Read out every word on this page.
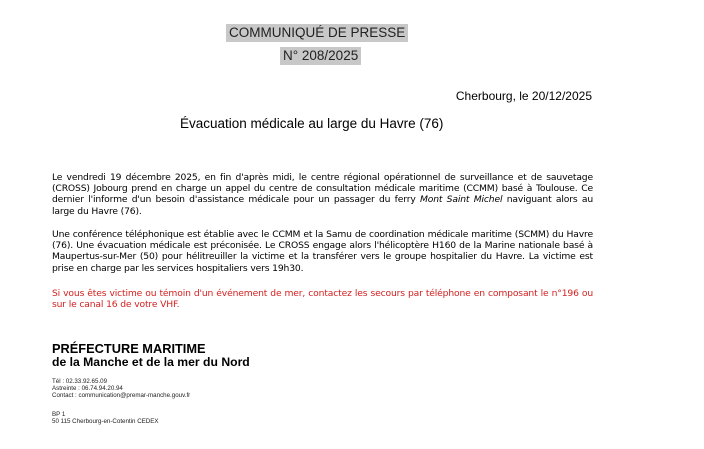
COMMUNIQUÉ DE PRESSE
N° 208/2025
Cherbourg, le 20/12/2025
Évacuation médicale au large du Havre (76)

Le vendredi 19 décembre 2025, en fin d'après midi, le centre régional opérationnel de surveillance et de sauvetage (CROSS) Jobourg prend en charge un appel du centre de consultation médicale maritime (CCMM) basé à Toulouse. Ce dernier l'informe d'un besoin d'assistance médicale pour un passager du ferry Mont Saint Michel naviguant alors au large du Havre (76).

Une conférence téléphonique est établie avec le CCMM et la Samu de coordination médicale maritime (SCMM) du Havre (76). Une évacuation médicale est préconisée. Le CROSS engage alors l'hélicoptère H160 de la Marine nationale basé à Maupertus-sur-Mer (50) pour hélitreuiller la victime et la transférer vers le groupe hospitalier du Havre. La victime est prise en charge par les services hospitaliers vers 19h30.

Si vous êtes victime ou témoin d'un événement de mer, contactez les secours par téléphone en composant le n°196 ou sur le canal 16 de votre VHF.

PRÉFECTURE MARITIME
de la Manche et de la mer du Nord
Tél : 02.33.92.65.09
Astreinte : 06.74.94.20.94
Contact : communication@premar-manche.gouv.fr
BP 1
50 115 Cherbourg-en-Cotentin CEDEX
